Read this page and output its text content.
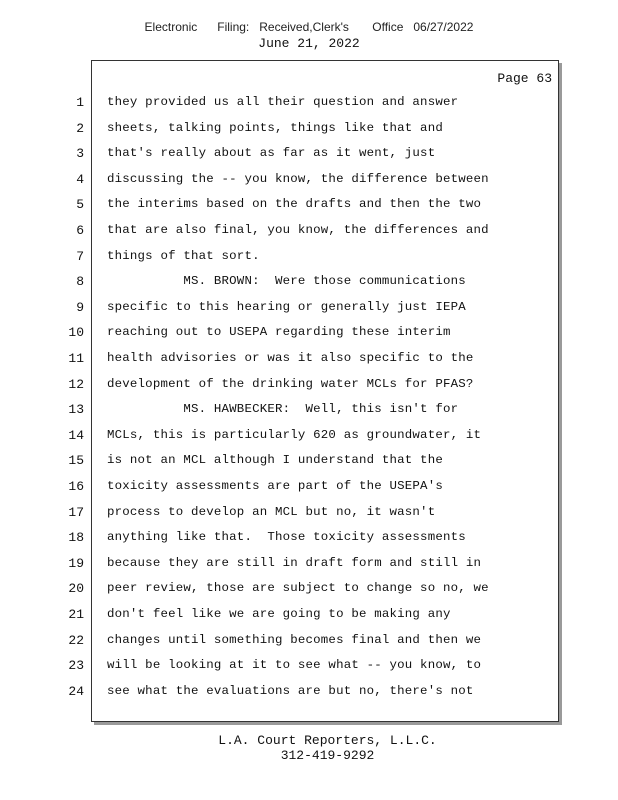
Electronic      Filing:   Received,Clerk's       Office   06/27/2022
June 21, 2022
Page 63
1 they provided us all their question and answer
2 sheets, talking points, things like that and
3 that's really about as far as it went, just
4 discussing the -- you know, the difference between
5 the interims based on the drafts and then the two
6 that are also final, you know, the differences and
7 things of that sort.
8 MS. BROWN:  Were those communications
9 specific to this hearing or generally just IEPA
10 reaching out to USEPA regarding these interim
11 health advisories or was it also specific to the
12 development of the drinking water MCLs for PFAS?
13 MS. HAWBECKER:  Well, this isn't for
14 MCLs, this is particularly 620 as groundwater, it
15 is not an MCL although I understand that the
16 toxicity assessments are part of the USEPA's
17 process to develop an MCL but no, it wasn't
18 anything like that.  Those toxicity assessments
19 because they are still in draft form and still in
20 peer review, those are subject to change so no, we
21 don't feel like we are going to be making any
22 changes until something becomes final and then we
23 will be looking at it to see what -- you know, to
24 see what the evaluations are but no, there's not
L.A. Court Reporters, L.L.C.
312-419-9292
